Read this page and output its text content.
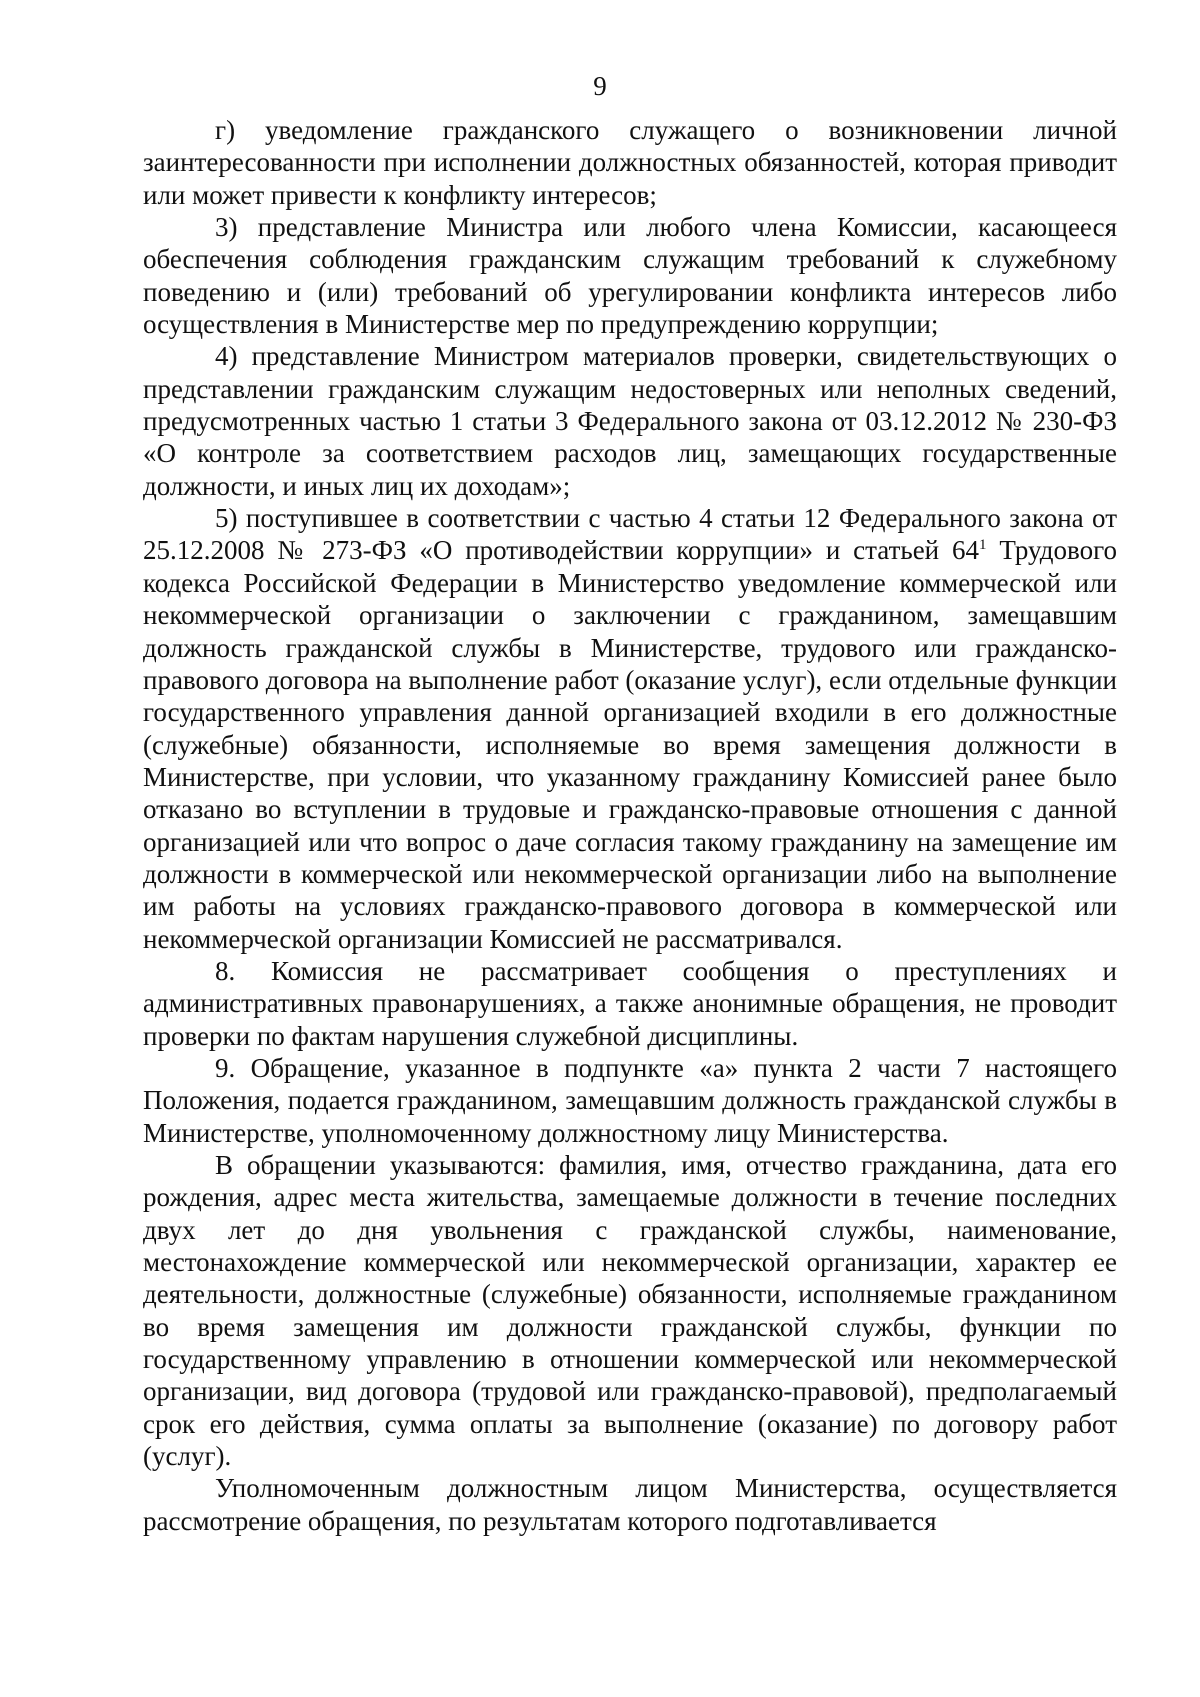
9

г) уведомление гражданского служащего о возникновении личной заинтересованности при исполнении должностных обязанностей, которая приводит или может привести к конфликту интересов;

3) представление Министра или любого члена Комиссии, касающееся обеспечения соблюдения гражданским служащим требований к служебному поведению и (или) требований об урегулировании конфликта интересов либо осуществления в Министерстве мер по предупреждению коррупции;

4) представление Министром материалов проверки, свидетельствующих о представлении гражданским служащим недостоверных или неполных сведений, предусмотренных частью 1 статьи 3 Федерального закона от 03.12.2012 № 230-ФЗ «О контроле за соответствием расходов лиц, замещающих государственные должности, и иных лиц их доходам»;

5) поступившее в соответствии с частью 4 статьи 12 Федерального закона от 25.12.2008 № 273-ФЗ «О противодействии коррупции» и статьей $64^1$ Трудового кодекса Российской Федерации в Министерство уведомление коммерческой или некоммерческой организации о заключении с гражданином, замещавшим должность гражданской службы в Министерстве, трудового или гражданско-правового договора на выполнение работ (оказание услуг), если отдельные функции государственного управления данной организацией входили в его должностные (служебные) обязанности, исполняемые во время замещения должности в Министерстве, при условии, что указанному гражданину Комиссией ранее было отказано во вступлении в трудовые и гражданско-правовые отношения с данной организацией или что вопрос о даче согласия такому гражданину на замещение им должности в коммерческой или некоммерческой организации либо на выполнение им работы на условиях гражданско-правового договора в коммерческой или некоммерческой организации Комиссией не рассматривался.

8. Комиссия не рассматривает сообщения о преступлениях и административных правонарушениях, а также анонимные обращения, не проводит проверки по фактам нарушения служебной дисциплины.

9. Обращение, указанное в подпункте «а» пункта 2 части 7 настоящего Положения, подается гражданином, замещавшим должность гражданской службы в Министерстве, уполномоченному должностному лицу Министерства.

В обращении указываются: фамилия, имя, отчество гражданина, дата его рождения, адрес места жительства, замещаемые должности в течение последних двух лет до дня увольнения с гражданской службы, наименование, местонахождение коммерческой или некоммерческой организации, характер ее деятельности, должностные (служебные) обязанности, исполняемые гражданином во время замещения им должности гражданской службы, функции по государственному управлению в отношении коммерческой или некоммерческой организации, вид договора (трудовой или гражданско-правовой), предполагаемый срок его действия, сумма оплаты за выполнение (оказание) по договору работ (услуг).

Уполномоченным должностным лицом Министерства, осуществляется рассмотрение обращения, по результатам которого подготавливается
